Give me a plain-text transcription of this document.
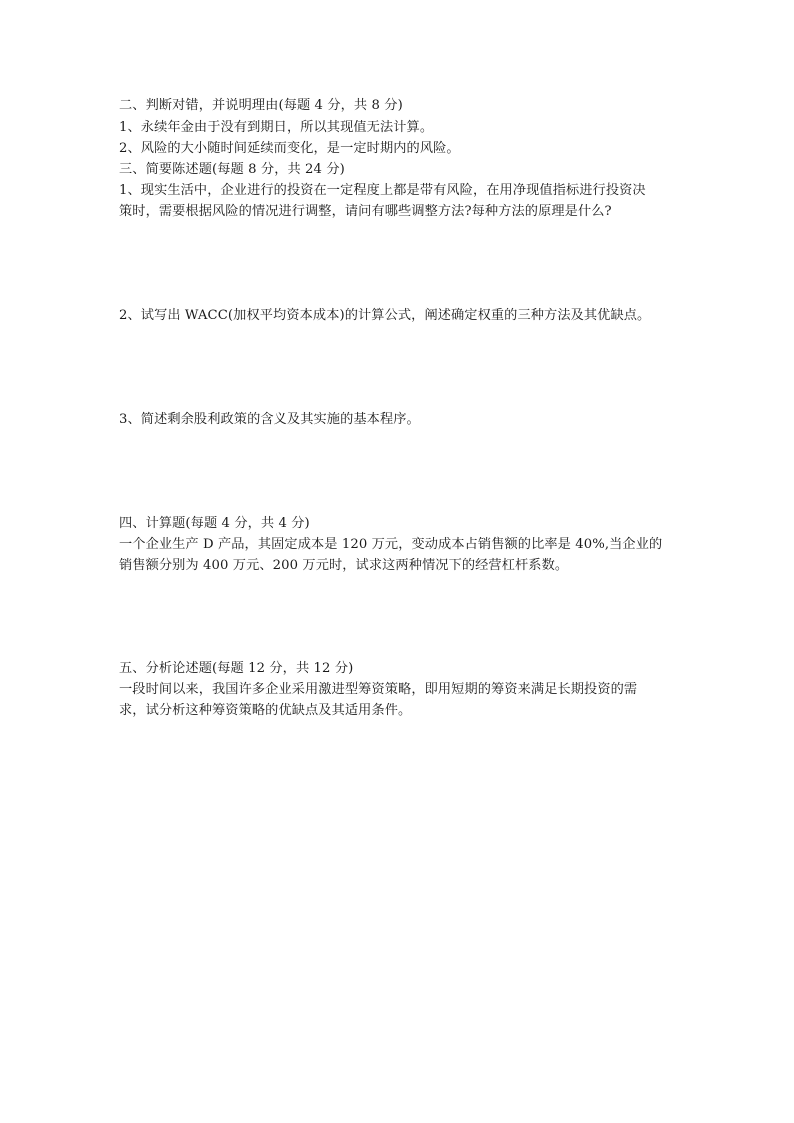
二、判断对错，并说明理由(每题 4 分，共 8 分)
1、永续年金由于没有到期日，所以其现值无法计算。
2、风险的大小随时间延续而变化，是一定时期内的风险。
三、简要陈述题(每题 8 分，共 24 分)
1、现实生活中，企业进行的投资在一定程度上都是带有风险，在用净现值指标进行投资决
策时，需要根据风险的情况进行调整，请问有哪些调整方法?每种方法的原理是什么?
2、试写出 WACC(加权平均资本成本)的计算公式，阐述确定权重的三种方法及其优缺点。
3、简述剩余股利政策的含义及其实施的基本程序。
四、计算题(每题 4 分，共 4 分)
一个企业生产 D 产品，其固定成本是 120 万元，变动成本占销售额的比率是 40%,当企业的
销售额分别为 400 万元、200 万元时，试求这两种情况下的经营杠杆系数。
五、分析论述题(每题 12 分，共 12 分)
一段时间以来，我国许多企业采用激进型筹资策略，即用短期的筹资来满足长期投资的需
求，试分析这种筹资策略的优缺点及其适用条件。
